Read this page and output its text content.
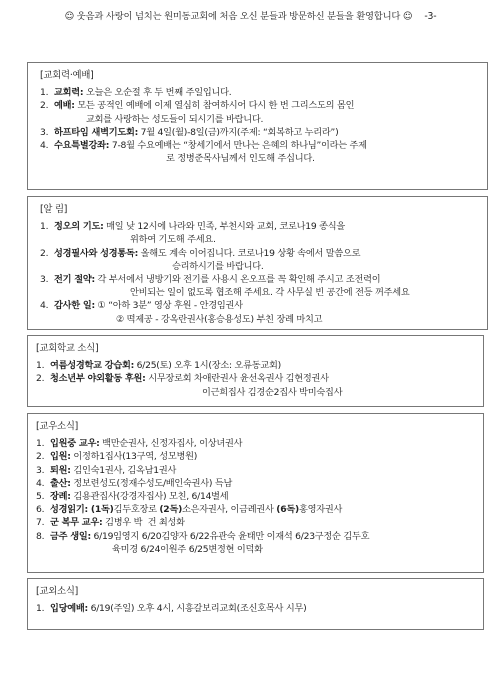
☺ 웃음과 사랑이 넘치는 원미동교회에 처음 오신 분들과 방문하신 분들을 환영합니다 ☺ -3-
[교회력·예배]
1. 교회력: 오늘은 오순절 후 두 번째 주일입니다.
2. 예배: 모든 공적인 예배에 이제 열심히 참여하시어 다시 한 번 그리스도의 몸인
교회를 사랑하는 성도들이 되시기를 바랍니다.
3. 하프타임 새벽기도회: 7월 4일(월)-8일(금)까지(주제: “회복하고 누리라”)
4. 수요특별강좌: 7-8월 수요예배는 “창세기에서 만나는 은혜의 하나님”이라는 주제
로 정병준목사님께서 인도해 주십니다.
[알 림]
1. 정오의 기도: 매일 낮 12시에 나라와 민족, 부천시와 교회, 코로나19 종식을
위하여 기도해 주세요.
2. 성경필사와 성경통독: 올해도 계속 이어집니다. 코로나19 상황 속에서 말씀으로
승리하시기를 바랍니다.
3. 전기 절약: 각 부서에서 냉방기와 전기를 사용시 온오프를 꼭 확인해 주시고 조전력이
안비되는 일이 없도록 협조해 주세요. 각 사무실 빈 공간에 전등 꺼주세요
4. 감사한 일: ① “아하 3분” 영상 후원 - 안경임권사
② 떡제공 - 강옥란권사(홍승용성도) 부친 장례 마치고
[교회학교 소식]
1. 여름성경학교 강습회: 6/25(토) 오후 1시(장소: 오류동교회)
2. 청소년부 야외활동 후원: 시무장로회 차애란권사 윤선옥권사 김현정권사
이근희집사 김경순2집사 박미숙집사
[교우소식]
1. 입원중 교우: 백만순권사, 신정자집사, 이상녀권사
2. 입원: 이정하1집사(13구역, 성모병원)
3. 퇴원: 김인숙1권사, 김옥남1권사
4. 출산: 정보련성도(정재수성도/배인숙권사) 득남
5. 장례: 김용관집사(강경자집사) 모친, 6/14별세
6. 성경읽기: (1독)김두호장로 (2독)소은자권사, 이금례권사 (6독)홍영자권사
7. 군 복무 교우: 김병우 박  건 최성화
8. 금주 생일: 6/19임영지 6/20김양자 6/22유관숙 윤태만 이재석 6/23구정순 김두호
육미경 6/24이원주 6/25변정현 이덕화
[교외소식]
1. 입당예배: 6/19(주일) 오후 4시, 시흥갈보리교회(조신호목사 시무)
